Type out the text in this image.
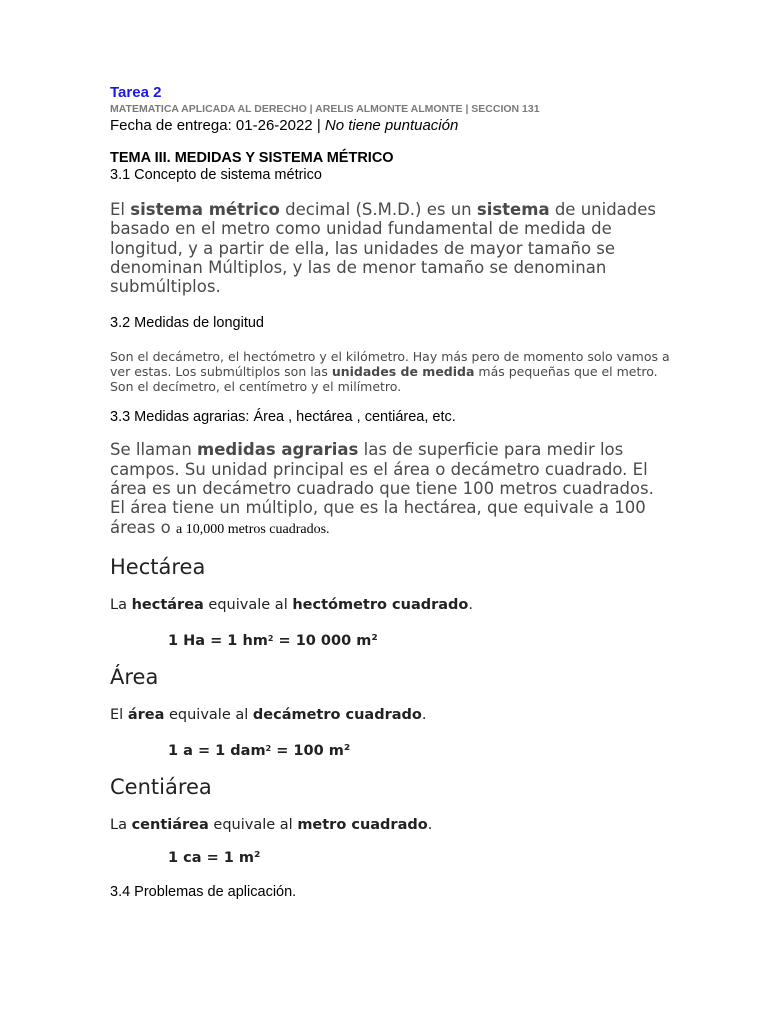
Tarea 2
MATEMATICA APLICADA AL DERECHO | ARELIS ALMONTE ALMONTE | SECCION 131
Fecha de entrega: 01-26-2022 | No tiene puntuación
TEMA III. MEDIDAS Y SISTEMA MÉTRICO
3.1 Concepto de sistema métrico
El sistema métrico decimal (S.M.D.) es un sistema de unidades basado en el metro como unidad fundamental de medida de longitud, y a partir de ella, las unidades de mayor tamaño se denominan Múltiplos, y las de menor tamaño se denominan submúltiplos.
3.2 Medidas de longitud
Son el decámetro, el hectómetro y el kilómetro. Hay más pero de momento solo vamos a ver estas. Los submúltiplos son las unidades de medida más pequeñas que el metro. Son el decímetro, el centímetro y el milímetro.
3.3 Medidas agrarias: Área , hectárea , centiárea, etc.
Se llaman medidas agrarias las de superficie para medir los campos. Su unidad principal es el área o decámetro cuadrado. El área es un decámetro cuadrado que tiene 100 metros cuadrados. El área tiene un múltiplo, que es la hectárea, que equivale a 100 áreas o a 10,000 metros cuadrados.
Hectárea
La hectárea equivale al hectómetro cuadrado.
1 Ha = 1 $hm^2 = 10$ 000 m²
Área
El área equivale al decámetro cuadrado.
1 a = 1 dam$^2$ = 100 m²
Centiárea
La centiárea equivale al metro cuadrado.
1 ca = 1 m²
3.4 Problemas de aplicación.
